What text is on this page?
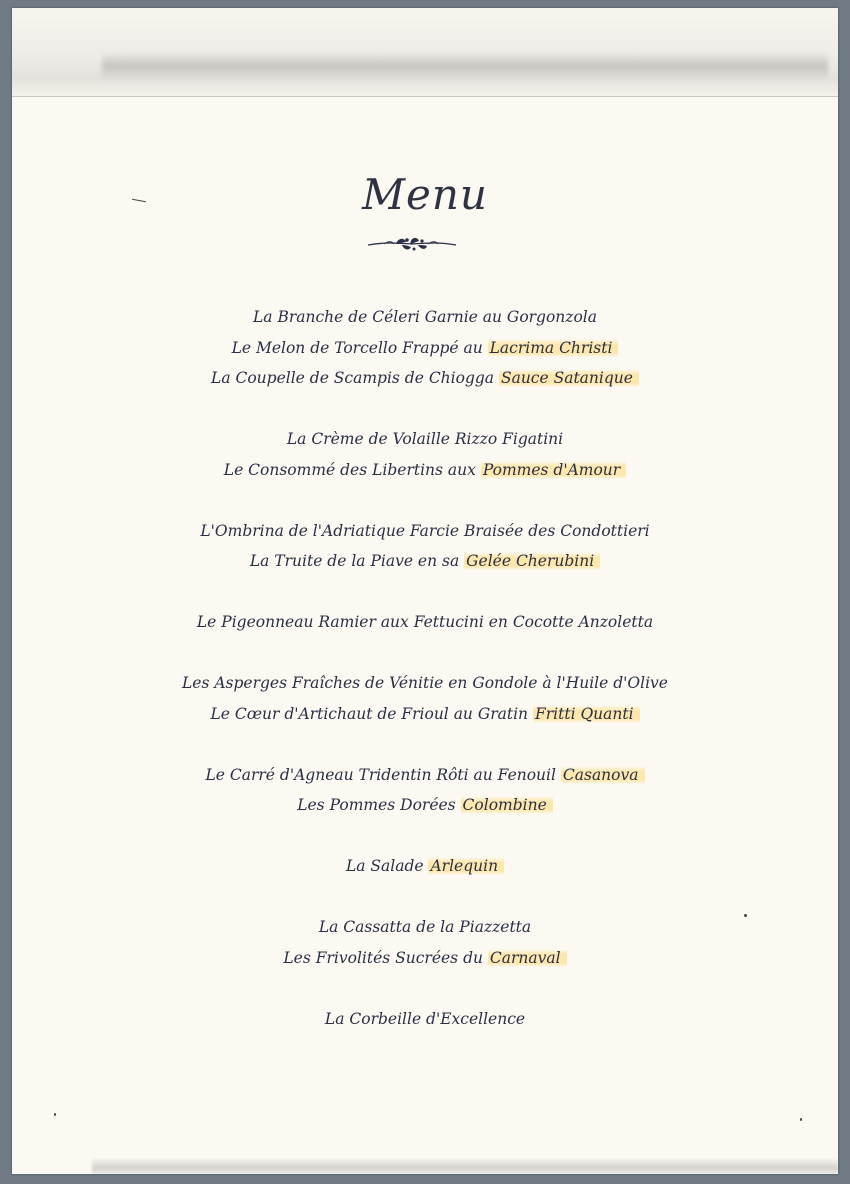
Menu
La Branche de Céleri Garnie au Gorgonzola
Le Melon de Torcello Frappé au Lacrima Christi
La Coupelle de Scampis de Chiogga Sauce Satanique
La Crème de Volaille Rizzo Figatini
Le Consommé des Libertins aux Pommes d'Amour
L'Ombrina de l'Adriatique Farcie Braisée des Condottieri
La Truite de la Piave en sa Gelée Cherubini
Le Pigeonneau Ramier aux Fettucini en Cocotte Anzoletta
Les Asperges Fraîches de Vénitie en Gondole à l'Huile d'Olive
Le Cœur d'Artichaut de Frioul au Gratin Fritti Quanti
Le Carré d'Agneau Tridentin Rôti au Fenouil Casanova
Les Pommes Dorées Colombine
La Salade Arlequin
La Cassatta de la Piazzetta
Les Frivolités Sucrées du Carnaval
La Corbeille d'Excellence
